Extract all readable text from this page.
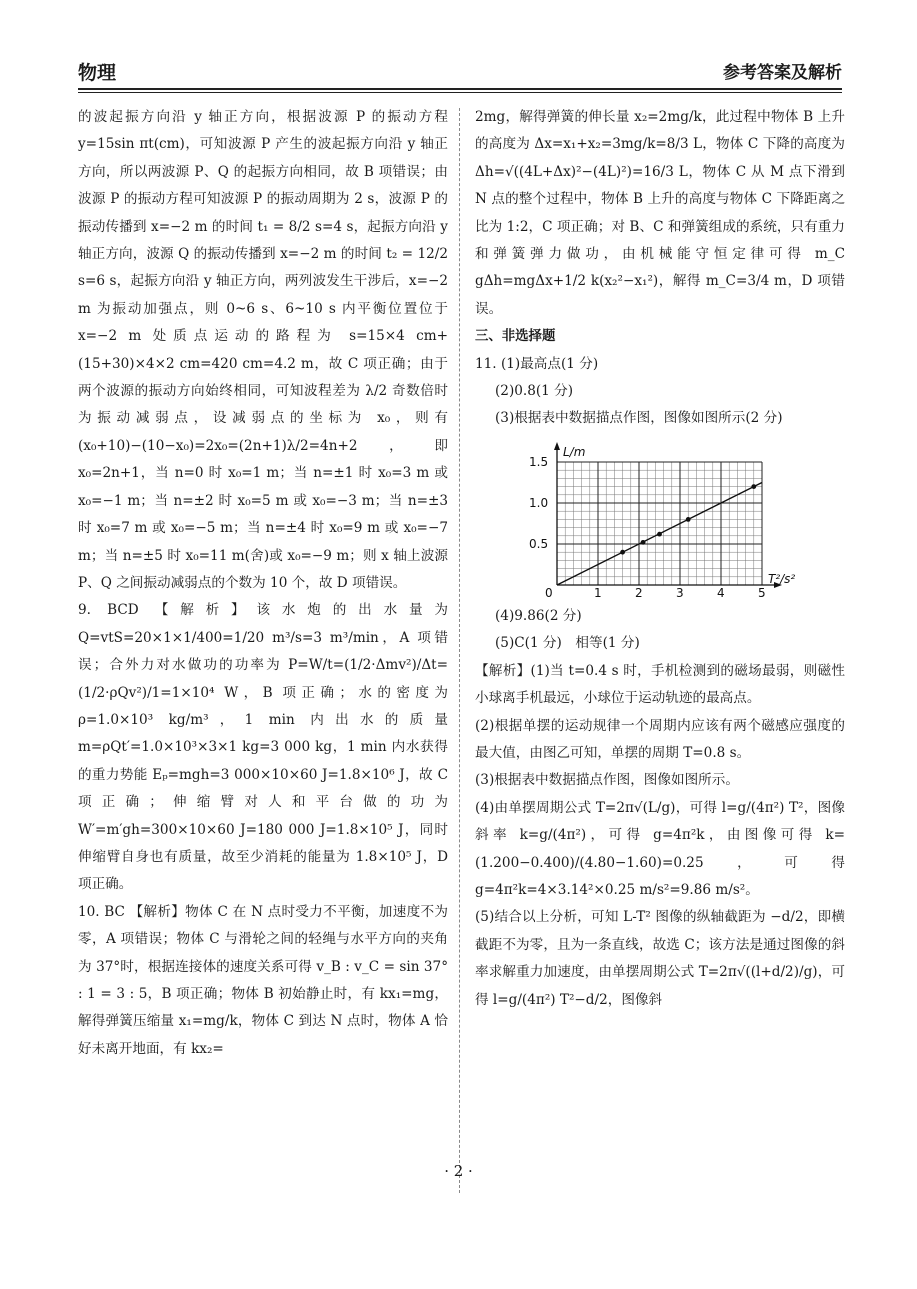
物理	参考答案及解析

的波起振方向沿 y 轴正方向，根据波源 P 的振动方程 y=15sin πt(cm)，可知波源 P 产生的波起振方向沿 y 轴正方向，所以两波源 P、Q 的起振方向相同，故 B 项错误；由波源 P 的振动方程可知波源 P 的振动周期为 2 s，波源 P 的振动传播到 x=−2 m 的时间 t₁ = 8/2 s=4 s，起振方向沿 y 轴正方向，波源 Q 的振动传播到 x=−2 m 的时间 t₂ = 12/2 s=6 s，起振方向沿 y 轴正方向，两列波发生干涉后，x=−2 m 为振动加强点，则 0~6 s、6~10 s 内平衡位置位于 x=−2 m 处质点运动的路程为 s=15×4 cm+(15+30)×4×2 cm=420 cm=4.2 m，故 C 项正确；由于两个波源的振动方向始终相同，可知波程差为 λ/2 奇数倍时为振动减弱点，设减弱点的坐标为 x₀，则有(x₀+10)−(10−x₀)=2x₀=(2n+1)λ/2=4n+2，即 x₀=2n+1，当 n=0 时 x₀=1 m；当 n=±1 时 x₀=3 m 或 x₀=−1 m；当 n=±2 时 x₀=5 m 或 x₀=−3 m；当 n=±3时 x₀=7 m 或 x₀=−5 m；当 n=±4 时 x₀=9 m 或 x₀=−7 m；当 n=±5 时 x₀=11 m(舍)或 x₀=−9 m；则 x 轴上波源 P、Q 之间振动减弱点的个数为 10 个，故 D 项错误。

9. BCD 【解析】该水炮的出水量为 Q=vtS=20×1×1/400=1/20 m³/s=3 m³/min，A 项错误；合外力对水做功的功率为 P=W/t=(1/2·Δmv²)/Δt=(1/2·ρQv²)/1=1×10⁴ W，B 项正确；水的密度为 ρ=1.0×10³ kg/m³，1 min 内出水的质量 m=ρQt′=1.0×10³×3×1 kg=3 000 kg，1 min 内水获得的重力势能 Eₚ=mgh=3 000×10×60 J=1.8×10⁶ J，故 C 项正确；伸缩臂对人和平台做的功为 W′=m′gh=300×10×60 J=180 000 J=1.8×10⁵ J，同时伸缩臂自身也有质量，故至少消耗的能量为 1.8×10⁵ J，D 项正确。

10. BC 【解析】物体 C 在 N 点时受力不平衡，加速度不为零，A 项错误；物体 C 与滑轮之间的轻绳与水平方向的夹角为 37°时，根据连接体的速度关系可得 v_B : v_C = sin 37° : 1 = 3 : 5，B 项正确；物体 B 初始静止时，有 kx₁=mg，解得弹簧压缩量 x₁=mg/k，物体 C 到达 N 点时，物体 A 恰好未离开地面，有 kx₂=

2mg，解得弹簧的伸长量 x₂=2mg/k，此过程中物体 B 上升的高度为 Δx=x₁+x₂=3mg/k=8/3 L，物体 C 下降的高度为 Δh=√((4L+Δx)²−(4L)²)=16/3 L，物体 C 从 M 点下滑到 N 点的整个过程中，物体 B 上升的高度与物体 C 下降距离之比为 1:2，C 项正确；对 B、C 和弹簧组成的系统，只有重力和弹簧弹力做功，由机械能守恒定律可得 m_C gΔh=mgΔx+1/2 k(x₂²−x₁²)，解得 m_C=3/4 m，D 项错误。

三、非选择题

11. (1)最高点(1 分)

(2)0.8(1 分)

(3)根据表中数据描点作图，图像如图所示(2 分)

0	1	2	3	4	5
0.5
1.0
1.5
L/m
T²/s²

(4)9.86(2 分)

(5)C(1 分)　相等(1 分)

【解析】(1)当 t=0.4 s 时，手机检测到的磁场最弱，则磁性小球离手机最远，小球位于运动轨迹的最高点。

(2)根据单摆的运动规律一个周期内应该有两个磁感应强度的最大值，由图乙可知，单摆的周期 T=0.8 s。

(3)根据表中数据描点作图，图像如图所示。

(4)由单摆周期公式 T=2π√(L/g)，可得 l=g/(4π²) T²，图像斜率 k=g/(4π²)，可得 g=4π²k，由图像可得 k=(1.200−0.400)/(4.80−1.60)=0.25，可得 g=4π²k=4×3.14²×0.25 m/s²=9.86 m/s²。

(5)结合以上分析，可知 L-T² 图像的纵轴截距为 −d/2，即横截距不为零，且为一条直线，故选 C；该方法是通过图像的斜率求解重力加速度，由单摆周期公式 T=2π√((l+d/2)/g)，可得 l=g/(4π²) T²−d/2，图像斜

· 2 ·
